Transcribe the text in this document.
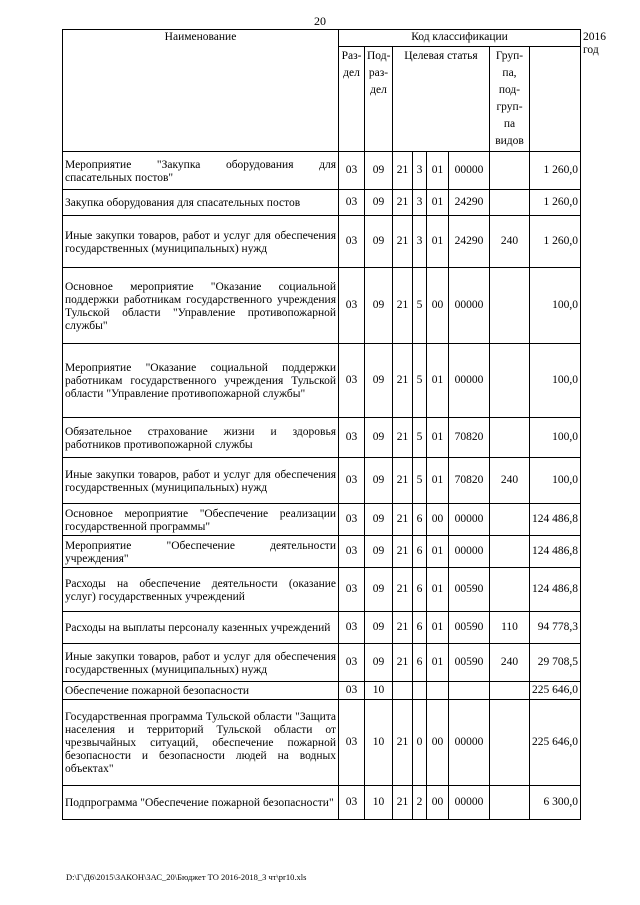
20
Наименование	Код классификации								2016 год
	Раз-дел	Под-раз-дел	Целевая статья				Груп-па, под-груп-па видов		
Мероприятие "Закупка оборудования для спасательных постов"	03	09	21	3	01	00000		1 260,0	
Закупка оборудования для спасательных постов	03	09	21	3	01	24290		1 260,0	
Иные закупки товаров, работ и услуг для обеспечения государственных (муниципальных) нужд	03	09	21	3	01	24290	240	1 260,0	
Основное мероприятие "Оказание социальной поддержки работникам государственного учреждения Тульской области "Управление противопожарной службы"	03	09	21	5	00	00000		100,0	
Мероприятие "Оказание социальной поддержки работникам государственного учреждения Тульской области "Управление противопожарной службы"	03	09	21	5	01	00000		100,0	
Обязательное страхование жизни и здоровья работников противопожарной службы	03	09	21	5	01	70820		100,0	
Иные закупки товаров, работ и услуг для обеспечения государственных (муниципальных) нужд	03	09	21	5	01	70820	240	100,0	
Основное мероприятие "Обеспечение реализации государственной программы"	03	09	21	6	00	00000		124 486,8	
Мероприятие "Обеспечение деятельности учреждения"	03	09	21	6	01	00000		124 486,8	
Расходы на обеспечение деятельности (оказание услуг) государственных учреждений	03	09	21	6	01	00590		124 486,8	
Расходы на выплаты персоналу казенных учреждений	03	09	21	6	01	00590	110	94 778,3	
Иные закупки товаров, работ и услуг для обеспечения государственных (муниципальных) нужд	03	09	21	6	01	00590	240	29 708,5	
Обеспечение пожарной безопасности	03	10						225 646,0	
Государственная программа Тульской области "Защита населения и территорий Тульской области от чрезвычайных ситуаций, обеспечение пожарной безопасности и безопасности людей на водных объектах"	03	10	21	0	00	00000		225 646,0	
Подпрограмма "Обеспечение пожарной безопасности"	03	10	21	2	00	00000		6 300,0	
D:\Г\Д6\2015\ЗАКОН\ЗАС_20\Бюджет ТО 2016-2018_3 чт\pr10.xls
